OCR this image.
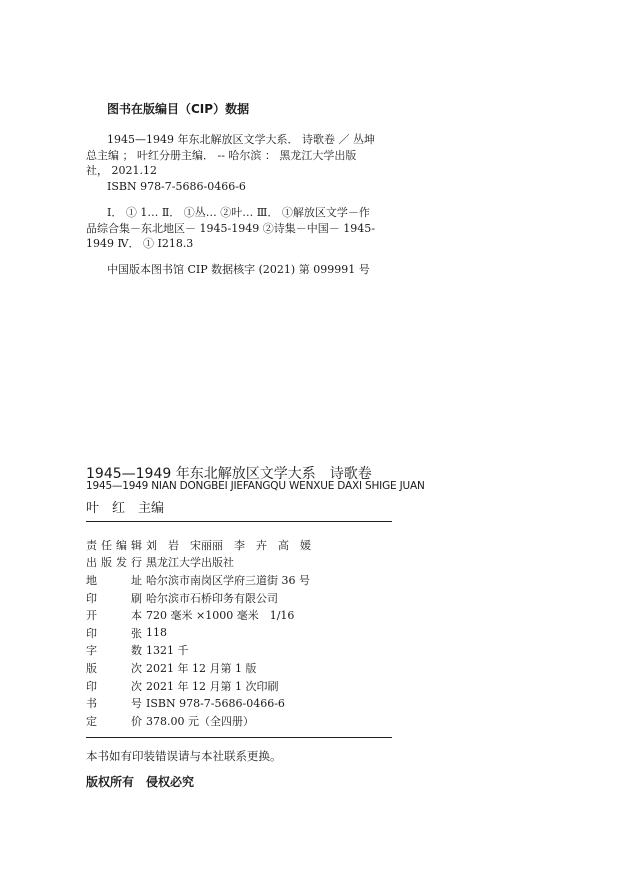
图书在版编目（CIP）数据

1945—1949 年东北解放区文学大系． 诗歌卷 ／ 丛坤

总主编 ； 叶红分册主编． -- 哈尔滨 ： 黑龙江大学出版

社， 2021.12

ISBN 978-7-5686-0466-6

Ⅰ． ① 1… Ⅱ． ①丛… ②叶… Ⅲ． ①解放区文学－作

品综合集－东北地区－ 1945-1949 ②诗集－中国－ 1945-

1949 Ⅳ． ① I218.3

中国版本图书馆 CIP 数据核字 (2021) 第 099991 号

1945—1949 年东北解放区文学大系　诗歌卷
1945—1949 NIAN DONGBEI JIEFANGQU WENXUE DAXI SHIGE JUAN
叶　红　主编
责 任 编 辑 刘　岩　宋丽丽　李　卉　高　媛
出 版 发 行 黑龙江大学出版社
地	址 哈尔滨市南岗区学府三道街 36 号
印	刷 哈尔滨市石桥印务有限公司
开	本 720 毫米 ×1000 毫米　1/16
印	张 118
字	数 1321 千
版	次 2021 年 12 月第 1 版
印	次 2021 年 12 月第 1 次印刷
书	号 ISBN 978-7-5686-0466-6
定	价 378.00 元（全四册）
本书如有印装错误请与本社联系更换。
版权所有　侵权必究
